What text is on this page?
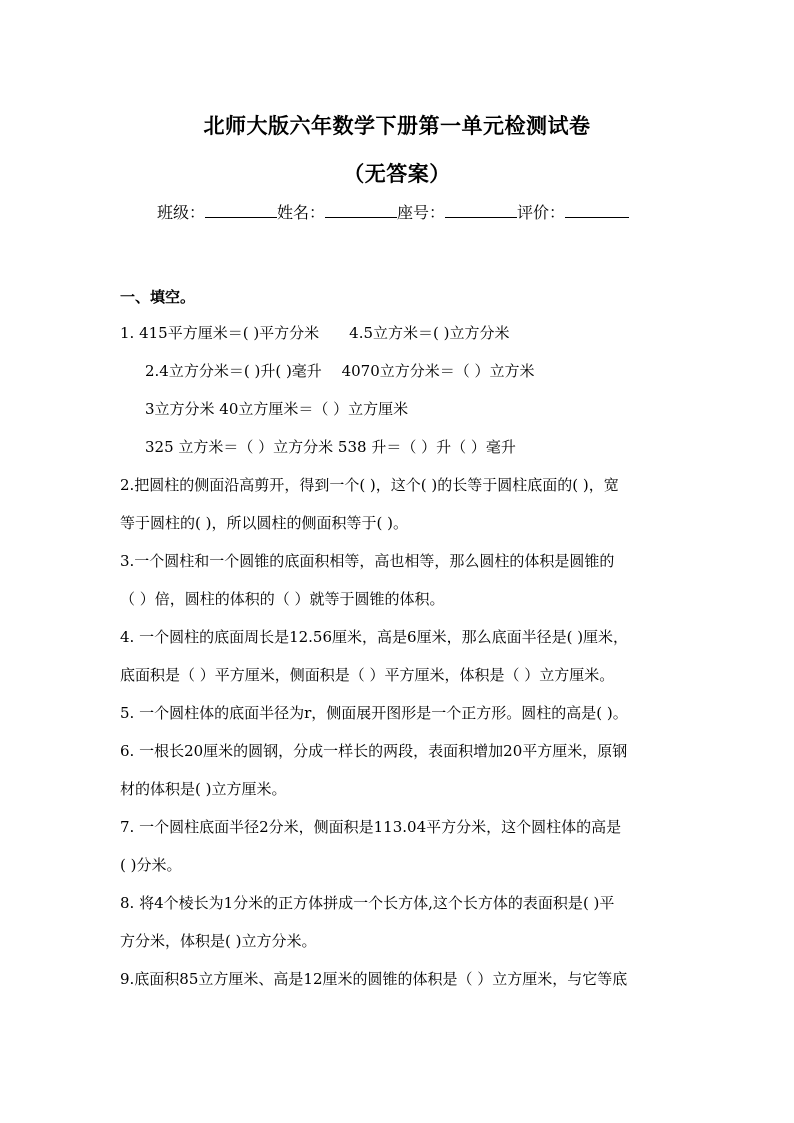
北师大版六年数学下册第一单元检测试卷
（无答案）
班级：	姓名：	座号：	评价：
一、填空。
1. 415平方厘米＝( )平方分米　　4.5立方米＝( )立方分米
2.4立方分米＝( )升( )毫升　 4070立方分米＝（ ）立方米
3立方分米 40立方厘米＝（ ）立方厘米
325 立方米＝（ ）立方分米 538 升＝（ ）升（ ）毫升
2.把圆柱的侧面沿高剪开，得到一个( )，这个( )的长等于圆柱底面的( )，宽
等于圆柱的( )，所以圆柱的侧面积等于( )。
3.一个圆柱和一个圆锥的底面积相等，高也相等，那么圆柱的体积是圆锥的
（ ）倍，圆柱的体积的（ ）就等于圆锥的体积。
4. 一个圆柱的底面周长是12.56厘米，高是6厘米，那么底面半径是( )厘米，
底面积是（ ）平方厘米，侧面积是（ ）平方厘米，体积是（ ）立方厘米。
5. 一个圆柱体的底面半径为r，侧面展开图形是一个正方形。圆柱的高是( )。
6. 一根长20厘米的圆钢，分成一样长的两段，表面积增加20平方厘米，原钢
材的体积是( )立方厘米。
7. 一个圆柱底面半径2分米，侧面积是113.04平方分米，这个圆柱体的高是
( )分米。
8. 将4个棱长为1分米的正方体拼成一个长方体,这个长方体的表面积是( )平
方分米，体积是( )立方分米。
9.底面积85立方厘米、高是12厘米的圆锥的体积是（ ）立方厘米，与它等底
